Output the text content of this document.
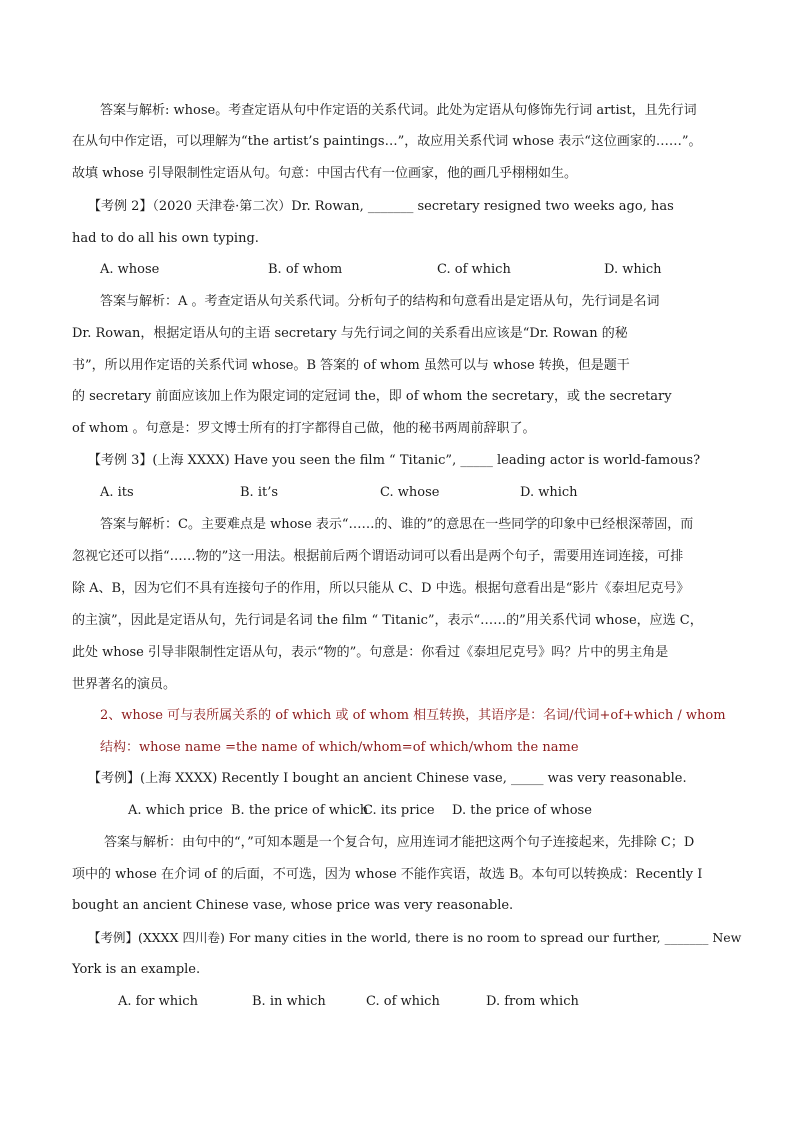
答案与解析: whose。考查定语从句中作定语的关系代词。此处为定语从句修饰先行词 artist，且先行词
在从句中作定语，可以理解为“the artist’s paintings…”，故应用关系代词 whose 表示“这位画家的……”。
故填 whose 引导限制性定语从句。句意：中国古代有一位画家，他的画几乎栩栩如生。
【考例 2】（2020 天津卷·第二次）Dr. Rowan, _______ secretary resigned two weeks ago, has
had to do all his own typing.
A. whose	B. of whom	C. of which	D. which
答案与解析：A 。考查定语从句关系代词。分析句子的结构和句意看出是定语从句，先行词是名词
Dr. Rowan，根据定语从句的主语 secretary 与先行词之间的关系看出应该是“Dr. Rowan 的秘
书”，所以用作定语的关系代词 whose。B 答案的 of whom 虽然可以与 whose 转换，但是题干
的 secretary 前面应该加上作为限定词的定冠词 the，即 of whom the secretary，或 the secretary
of whom 。句意是：罗文博士所有的打字都得自己做，他的秘书两周前辞职了。
【考例 3】(上海 XXXX) Have you seen the film “ Titanic”, _____ leading actor is world-famous?
A. its	B. it’s	C. whose	D. which
答案与解析：C。主要难点是 whose 表示“……的、谁的”的意思在一些同学的印象中已经根深蒂固，而
忽视它还可以指“……物的”这一用法。根据前后两个谓语动词可以看出是两个句子，需要用连词连接，可排
除 A、B，因为它们不具有连接句子的作用，所以只能从 C、D 中选。根据句意看出是“影片《泰坦尼克号》
的主演”，因此是定语从句，先行词是名词 the film “ Titanic”，表示“……的”用关系代词 whose，应选 C，
此处 whose 引导非限制性定语从句，表示“物的”。句意是：你看过《泰坦尼克号》吗？片中的男主角是
世界著名的演员。
2、whose 可与表所属关系的 of which 或 of whom 相互转换，其语序是：名词/代词+of+which / whom
结构：whose name =the name of which/whom=of which/whom the name
【考例】(上海 XXXX) Recently I bought an ancient Chinese vase, _____ was very reasonable.
A. which price B. the price of which
C. its price D. the price of whose
答案与解析：由句中的“，”可知本题是一个复合句，应用连词才能把这两个句子连接起来，先排除 C；D
项中的 whose 在介词 of 的后面，不可选，因为 whose 不能作宾语，故选 B。本句可以转换成：Recently I
bought an ancient Chinese vase, whose price was very reasonable.
【考例】(XXXX 四川卷) For many cities in the world, there is no room to spread our further, _______ New
York is an example.
A. for which	B. in which	C. of which	D. from which
